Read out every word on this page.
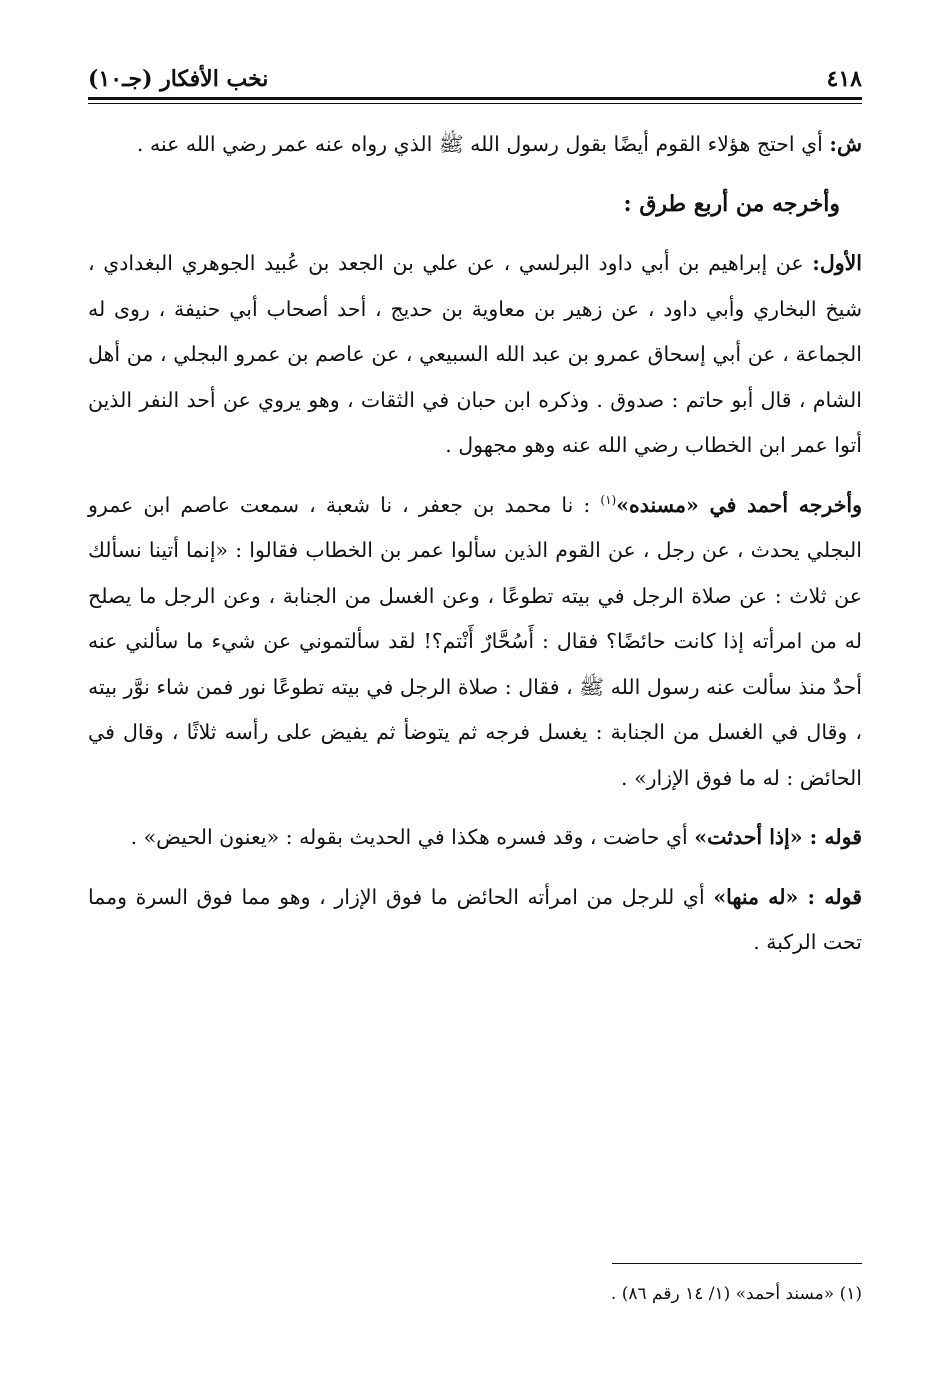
٤١٨
نخب الأفكار (جـ١٠)

ش: أي احتج هؤلاء القوم أيضًا بقول رسول الله ﷺ الذي رواه عنه عمر رضي الله عنه .

وأخرجه من أربع طرق :

الأول: عن إبراهيم بن أبي داود البرلسي ، عن علي بن الجعد بن عُبيد الجوهري البغدادي ، شيخ البخاري وأبي داود ، عن زهير بن معاوية بن حديج ، أحد أصحاب أبي حنيفة ، روى له الجماعة ، عن أبي إسحاق عمرو بن عبد الله السبيعي ، عن عاصم بن عمرو البجلي ، من أهل الشام ، قال أبو حاتم : صدوق . وذكره ابن حبان في الثقات ، وهو يروي عن أحد النفر الذين أتوا عمر ابن الخطاب رضي الله عنه وهو مجهول .

وأخرجه أحمد في «مسنده»$^{(١)}$ : نا محمد بن جعفر ، نا شعبة ، سمعت عاصم ابن عمرو البجلي يحدث ، عن رجل ، عن القوم الذين سألوا عمر بن الخطاب فقالوا : «إنما أتينا نسألك عن ثلاث : عن صلاة الرجل في بيته تطوعًا ، وعن الغسل من الجنابة ، وعن الرجل ما يصلح له من امرأته إذا كانت حائضًا؟ فقال : أَسُحَّارٌ أَنْتم؟! لقد سألتموني عن شيء ما سألني عنه أحدٌ منذ سألت عنه رسول الله ﷺ ، فقال : صلاة الرجل في بيته تطوعًا نور فمن شاء نوَّر بيته ، وقال في الغسل من الجنابة : يغسل فرجه ثم يتوضأ ثم يفيض على رأسه ثلاثًا ، وقال في الحائض : له ما فوق الإزار» .

قوله : «إذا أحدثت» أي حاضت ، وقد فسره هكذا في الحديث بقوله : «يعنون الحيض» .

قوله : «له منها» أي للرجل من امرأته الحائض ما فوق الإزار ، وهو مما فوق السرة ومما تحت الركبة .

(١) «مسند أحمد» (١/ ١٤ رقم ٨٦) .
